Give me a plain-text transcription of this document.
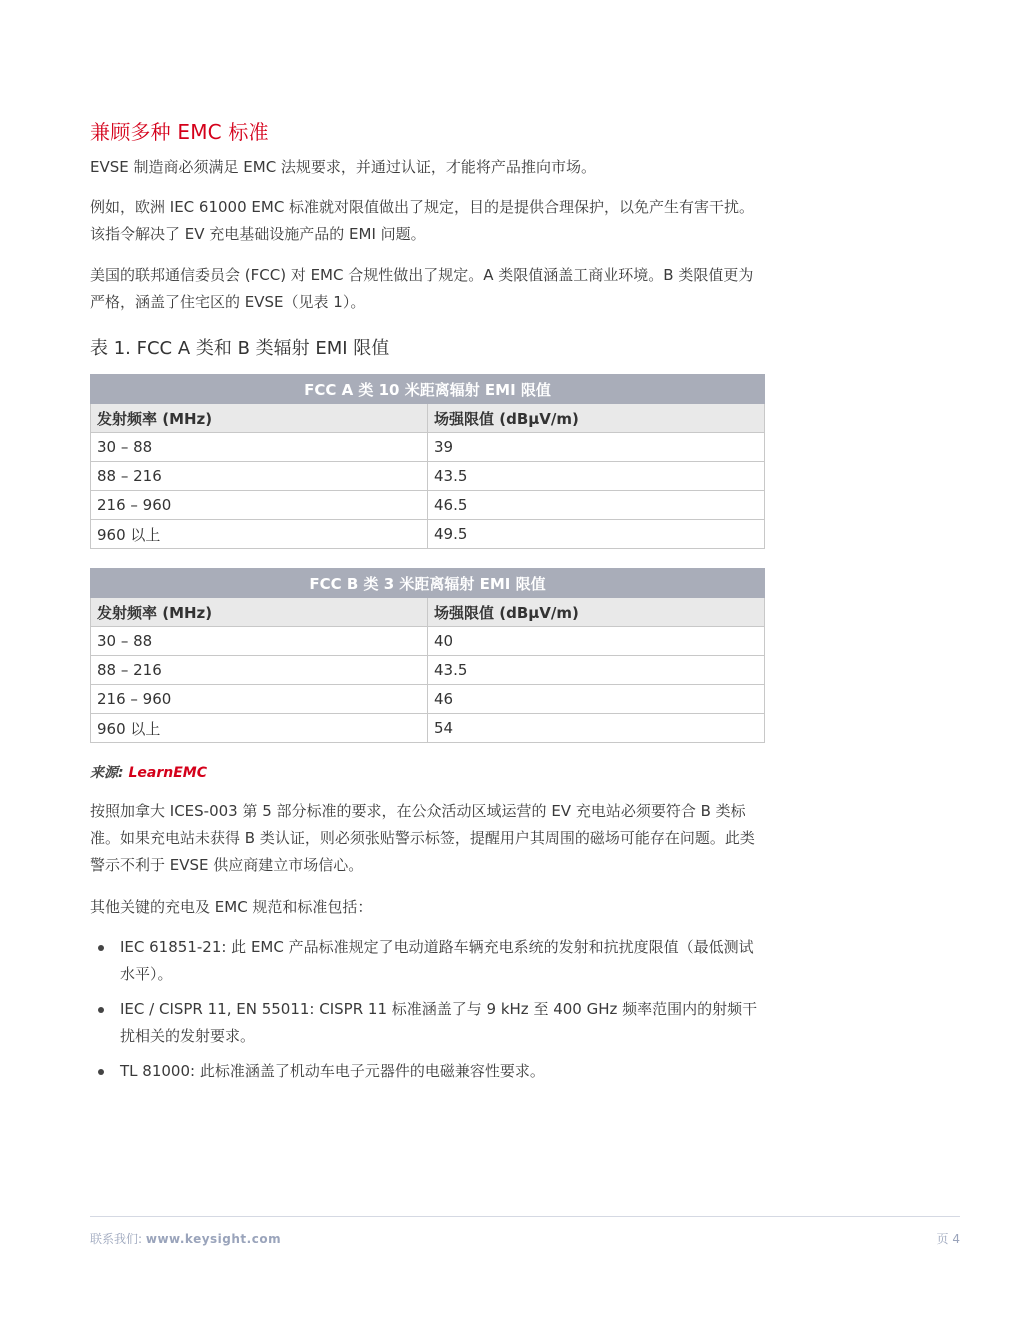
兼顾多种 EMC 标准

EVSE 制造商必须满足 EMC 法规要求，并通过认证，才能将产品推向市场。

例如，欧洲 IEC 61000 EMC 标准就对限值做出了规定，目的是提供合理保护，以免产生有害干扰。该指令解决了 EV 充电基础设施产品的 EMI 问题。

美国的联邦通信委员会 (FCC) 对 EMC 合规性做出了规定。A 类限值涵盖工商业环境。B 类限值更为严格，涵盖了住宅区的 EVSE（见表 1）。

表 1. FCC A 类和 B 类辐射 EMI 限值

FCC A 类 10 米距离辐射 EMI 限值	
发射频率 (MHz)	场强限值 (dBµV/m)
30 – 88	39
88 – 216	43.5
216 – 960	46.5
960 以上	49.5
FCC B 类 3 米距离辐射 EMI 限值	
发射频率 (MHz)	场强限值 (dBµV/m)
30 – 88	40
88 – 216	43.5
216 – 960	46
960 以上	54

来源: LearnEMC

按照加拿大 ICES-003 第 5 部分标准的要求，在公众活动区域运营的 EV 充电站必须要符合 B 类标准。如果充电站未获得 B 类认证，则必须张贴警示标签，提醒用户其周围的磁场可能存在问题。此类警示不利于 EVSE 供应商建立市场信心。

其他关键的充电及 EMC 规范和标准包括：

IEC 61851-21: 此 EMC 产品标准规定了电动道路车辆充电系统的发射和抗扰度限值（最低测试水平）。
IEC / CISPR 11, EN 55011: CISPR 11 标准涵盖了与 9 kHz 至 400 GHz 频率范围内的射频干扰相关的发射要求。
TL 81000: 此标准涵盖了机动车电子元器件的电磁兼容性要求。
联系我们: www.keysight.com	页 4
